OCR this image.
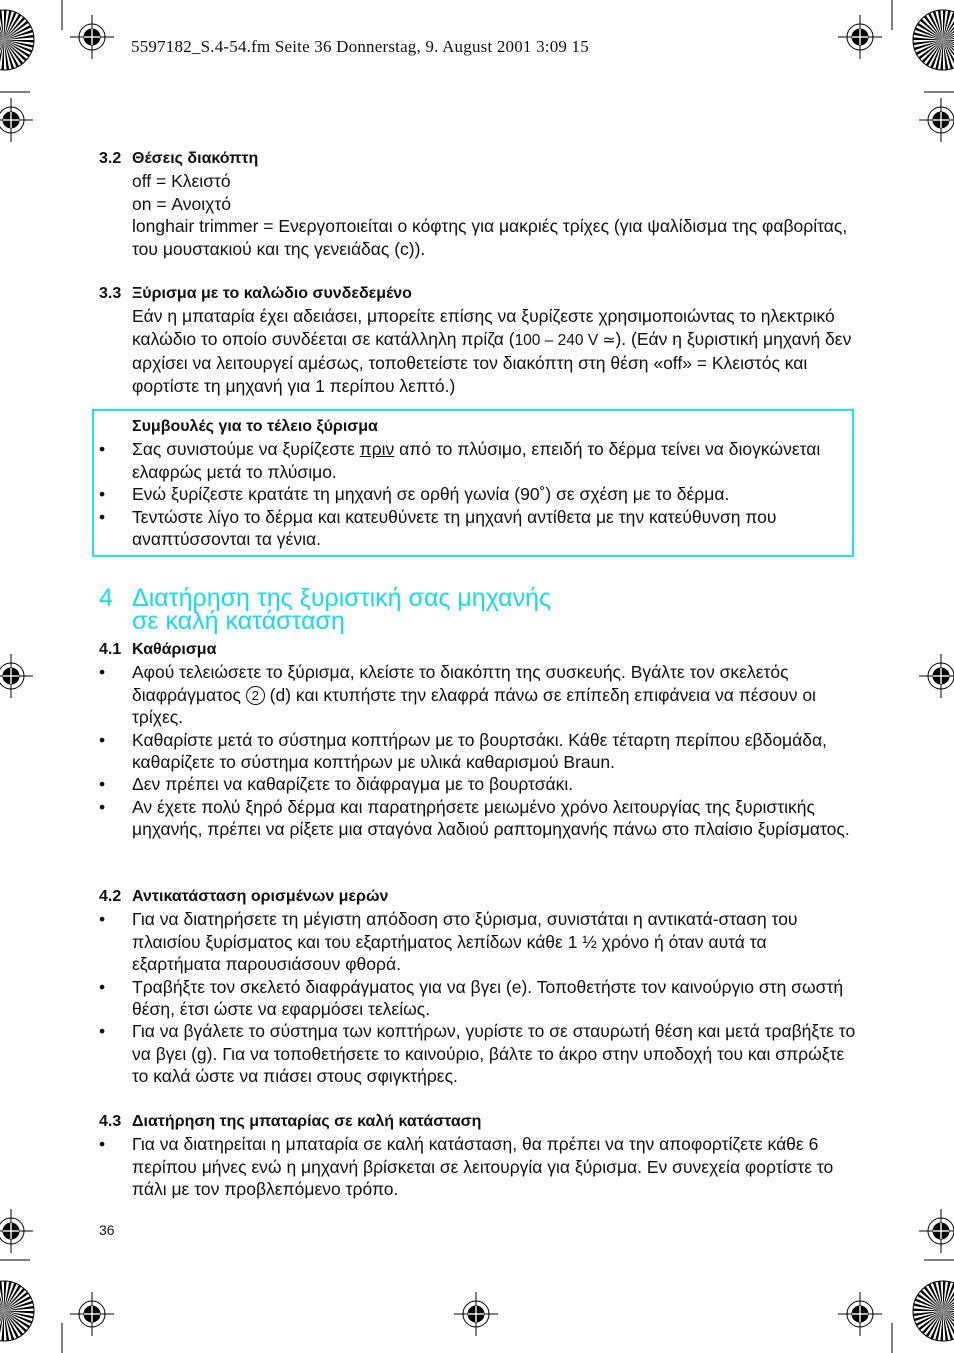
5597182_S.4-54.fm Seite 36 Donnerstag, 9. August 2001 3:09 15
3.2 Θέσεις διακόπτη
off = Κλειστό
on = Ανοιχτό
longhair trimmer = Ενεργοποιείται ο κόφτης για μακριές τρίχες (για ψαλίδισμα της φαβορίτας, του μουστακιού και της γενειάδας (c)).
3.3 Ξύρισμα με το καλώδιο συνδεδεμένο
Εάν η μπαταρία έχει αδειάσει, μπορείτε επίσης να ξυρίζεστε χρησιμοποιώντας το ηλεκτρικό καλώδιο το οποίο συνδέεται σε κατάλληλη πρίζα (100 – 240 V ≃). (Εάν η ξυριστική μηχανή δεν αρχίσει να λειτουργεί αμέσως, τοποθετείστε τον διακόπτη στη θέση «off» = Κλειστός και φορτίστε τη μηχανή για 1 περίπου λεπτό.)
Συμβουλές για το τέλειο ξύρισμα
• Σας συνιστούμε να ξυρίζεστε πριν από το πλύσιμο, επειδή το δέρμα τείνει να διογκώνεται ελαφρώς μετά το πλύσιμο.
• Ενώ ξυρίζεστε κρατάτε τη μηχανή σε ορθή γωνία (90˚) σε σχέση με το δέρμα.
• Τεντώστε λίγο το δέρμα και κατευθύνετε τη μηχανή αντίθετα με την κατεύθυνση που αναπτύσσονται τα γένια.
4 Διατήρηση της ξυριστική σας μηχανής
σε καλή κατάσταση
4.1 Καθάρισμα
• Αφού τελειώσετε το ξύρισμα, κλείστε το διακόπτη της συσκευής. Βγάλτε τον σκελετός διαφράγματος 2 (d) και κτυπήστε την ελαφρά πάνω σε επίπεδη επιφάνεια να πέσουν οι τρίχες.
• Καθαρίστε μετά το σύστημα κοπτήρων με το βουρτσάκι. Κάθε τέταρτη περίπου εβδομάδα, καθαρίζετε το σύστημα κοπτήρων με υλικά καθαρισμού Braun.
• Δεν πρέπει να καθαρίζετε το διάφραγμα με το βουρτσάκι.
• Αν έχετε πολύ ξηρό δέρμα και παρατηρήσετε μειωμένο χρόνο λειτουργίας της ξυριστικής μηχανής, πρέπει να ρίξετε μια σταγόνα λαδιού ραπτομηχανής πάνω στο πλαίσιο ξυρίσματος.
4.2 Αντικατάσταση ορισμένων μερών
• Για να διατηρήσετε τη μέγιστη απόδοση στο ξύρισμα, συνιστάται η αντικατά-σταση του πλαισίου ξυρίσματος και του εξαρτήματος λεπίδων κάθε 1 ½ χρόνο ή όταν αυτά τα εξαρτήματα παρουσιάσουν φθορά.
• Τραβήξτε τον σκελετό διαφράγματος για να βγει (e). Τοποθετήστε τον καινούργιο στη σωστή θέση, έτσι ώστε να εφαρμόσει τελείως.
• Για να βγάλετε το σύστημα των κοπτήρων, γυρίστε το σε σταυρωτή θέση και μετά τραβήξτε το να βγει (g). Για να τοποθετήσετε το καινούριο, βάλτε το άκρο στην υποδοχή του και σπρώξτε το καλά ώστε να πιάσει στους σφιγκτήρες.
4.3 Διατήρηση της μπαταρίας σε καλή κατάσταση
• Για να διατηρείται η μπαταρία σε καλή κατάσταση, θα πρέπει να την αποφορτίζετε κάθε 6 περίπου μήνες ενώ η μηχανή βρίσκεται σε λειτουργία για ξύρισμα. Εν συνεχεία φορτίστε το πάλι με τον προβλεπόμενο τρόπο.
36
